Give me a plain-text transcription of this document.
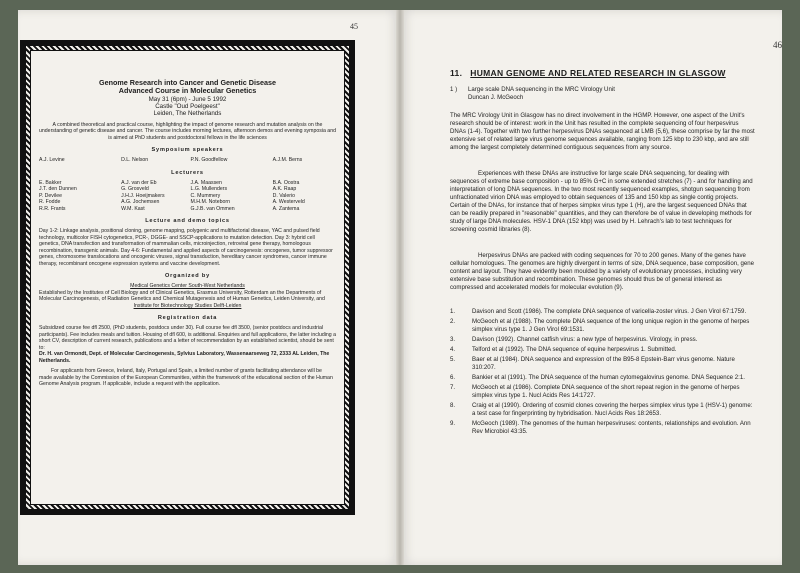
45
46
Genome Research into Cancer and Genetic Disease
Advanced Course in Molecular Genetics
May 31 (6pm) - June 5 1992
Castle "Oud Poelgeest"
Leiden, The Netherlands
A combined theoretical and practical course, highlighting the impact of genome research and mutation analysis on the understanding of genetic disease and cancer. The course includes morning lectures, afternoon demos and evening symposia and is aimed at PhD students and postdoctoral fellows in the life sciences
Symposium speakers
A.J. Levine	D.L. Nelson	P.N. Goodfellow	A.J.M. Berns
Lecturers
E. Bakker	A.J. van der Eb	J.A. Maassen	B.A. Oostra
J.T. den Dunnen	G. Grosveld	L.G. Mullenders	A.K. Raap
P. Devilee	J.H.J. Hoeijmakers	C. Mummery	D. Valerio
R. Fodde	A.G. Jochemsen	M.H.M. Noteborn	A. Westerveld
R.R. Frants	W.M. Kast	G.J.B. van Ommen	A. Zantema
Lecture and demo topics
Day 1-2: Linkage analysis, positional cloning, genome mapping, polygenic and multifactorial disease, YAC and pulsed field technology, multicolor FISH cytogenetics, PCR-, DGGE- and SSCP-applications to mutation detection. Day 3: hybrid cell genetics, DNA transfection and transformation of mammalian cells, microinjection, retroviral gene therapy, homologous recombination, transgenic animals. Day 4-6: Fundamental and applied aspects of carcinogenesis: oncogenes, tumor suppressor genes, chromosome translocations and oncogenic viruses, signal transduction, hereditary cancer syndromes, cancer immune therapy, recombinant oncogene expression systems and vaccine development.
Organized by
Medical Genetics Center South-West Netherlands
Established by the Institutes of Cell Biology and of Clinical Genetics, Erasmus University, Rotterdam an the Departments of Molecular Carcinogenesis, of Radiation Genetics and Chemical Mutagenesis and of Human Genetics, Leiden University, and
Institute for Biotechnology Studies Delft-Leiden
Registration data
Subsidized course fee dfl 2500, (PhD students, postdocs under 30). Full course fee dfl 3500, (senior postdocs and industrial participants). Fee includes meals and tuition. Housing of dfl 600, is additional. Enquiries and full applications, the latter including a short CV, description of current research, publications and a letter of recommendation by an established scientist, should be sent to:
Dr. H. van Ormondt, Dept. of Molecular Carcinogenesis, Sylvius Laboratory, Wassenaarseweg 72, 2333 AL Leiden, The Netherlands.
For applicants from Greece, Ireland, Italy, Portugal and Spain, a limited number of grants facilitating attendance will be made available by the Commission of the European Communities, within the framework of the educational section of the Human Genome Analysis program. If applicable, include a request with the application.
11. HUMAN GENOME AND RELATED RESEARCH IN GLASGOW
1 )	Large scale DNA sequencing in the MRC Virology Unit
Duncan J. McGeoch
The MRC Virology Unit in Glasgow has no direct involvement in the HGMP. However, one aspect of the Unit's research should be of interest: work in the Unit has resulted in the complete sequencing of four herpesvirus DNAs (1-4). Together with two further herpesvirus DNAs sequenced at LMB (5,6), these comprise by far the most extensive set of related large virus genome sequences available, ranging from 125 kbp to 230 kbp, and are still among the largest completely determined contiguous sequences from any source.
Experiences with these DNAs are instructive for large scale DNA sequencing, for dealing with sequences of extreme base composition - up to 85% G+C in some extended stretches (7) - and for handling and interpretation of long DNA sequences. In the two most recently sequenced examples, shotgun sequencing from unfractionated virion DNA was employed to obtain sequences of 135 and 150 kbp as single contig projects. Certain of the DNAs, for instance that of herpes simplex virus type 1 (H), are the largest sequenced DNAs that can be readily prepared in "reasonable" quantities, and they can therefore be of value in developing methods for study of large DNA molecules. HSV-1 DNA (152 kbp) was used by H. Lehrach's lab to test techniques for screening cosmid libraries (8).
Herpesvirus DNAs are packed with coding sequences for 70 to 200 genes. Many of the genes have cellular homologues. The genomes are highly divergent in terms of size, DNA sequence, base composition, gene content and layout. They have evidently been moulded by a variety of evolutionary processes, including very extensive base substitution and recombination. These genomes should thus be of general interest as compressed and accelerated models for molecular evolution (9).
1.	Davison and Scott (1986). The complete DNA sequence of varicella-zoster virus. J Gen Virol 67:1759.
2.	McGeoch et al (1988). The complete DNA sequence of the long unique region in the genome of herpes simplex virus type 1. J Gen Virol 69:1531.
3.	Davison (1992). Channel catfish virus: a new type of herpesvirus. Virology, in press.
4.	Telford et al (1992). The DNA sequence of equine herpesvirus 1. Submitted.
5.	Baer et al (1984). DNA sequence and expression of the B95-8 Epstein-Barr virus genome. Nature 310:207.
6.	Bankier et al (1991). The DNA sequence of the human cytomegalovirus genome. DNA Sequence 2:1.
7.	McGeoch et al (1986). Complete DNA sequence of the short repeat region in the genome of herpes simplex virus type 1. Nucl Acids Res 14:1727.
8.	Craig et al (1990). Ordering of cosmid clones covering the herpes simplex virus type 1 (HSV-1) genome: a test case for fingerprinting by hybridisation. Nucl Acids Res 18:2653.
9.	McGeoch (1989). The genomes of the human herpesviruses: contents, relationships and evolution. Ann Rev Microbiol 43:35.
